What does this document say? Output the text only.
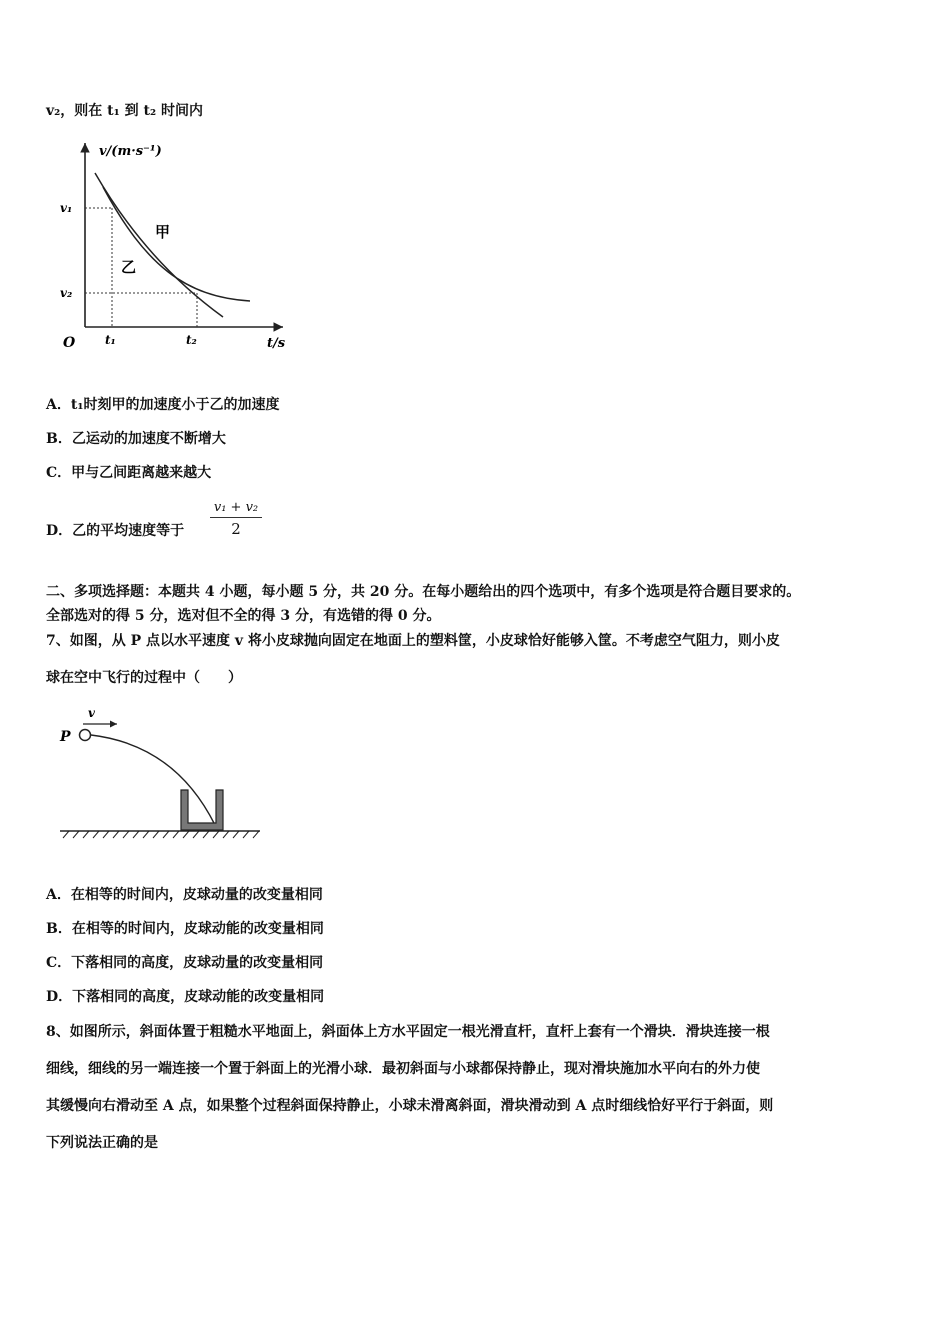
v₂，则在 t₁ 到 t₂ 时间内
v/(m·s⁻¹)
t/s
O
v₁
v₂
t₁	t₂
甲
乙
A．t₁时刻甲的加速度小于乙的加速度
B．乙运动的加速度不断增大
C．甲与乙间距离越来越大
D．乙的平均速度等于 $\frac{\text{v₁ + v₂}}{2}$
二、多项选择题：本题共 4 小题，每小题 5 分，共 20 分。在每小题给出的四个选项中，有多个选项是符合题目要求的。
全部选对的得 5 分，选对但不全的得 3 分，有选错的得 0 分。
7、如图，从 P 点以水平速度 v 将小皮球抛向固定在地面上的塑料筐，小皮球恰好能够入筐。不考虑空气阻力，则小皮
球在空中飞行的过程中（　　）
v
P
A．在相等的时间内，皮球动量的改变量相同
B．在相等的时间内，皮球动能的改变量相同
C．下落相同的高度，皮球动量的改变量相同
D．下落相同的高度，皮球动能的改变量相同
8、如图所示，斜面体置于粗糙水平地面上，斜面体上方水平固定一根光滑直杆，直杆上套有一个滑块．滑块连接一根
细线，细线的另一端连接一个置于斜面上的光滑小球．最初斜面与小球都保持静止，现对滑块施加水平向右的外力使
其缓慢向右滑动至 A 点，如果整个过程斜面保持静止，小球未滑离斜面，滑块滑动到 A 点时细线恰好平行于斜面，则
下列说法正确的是
